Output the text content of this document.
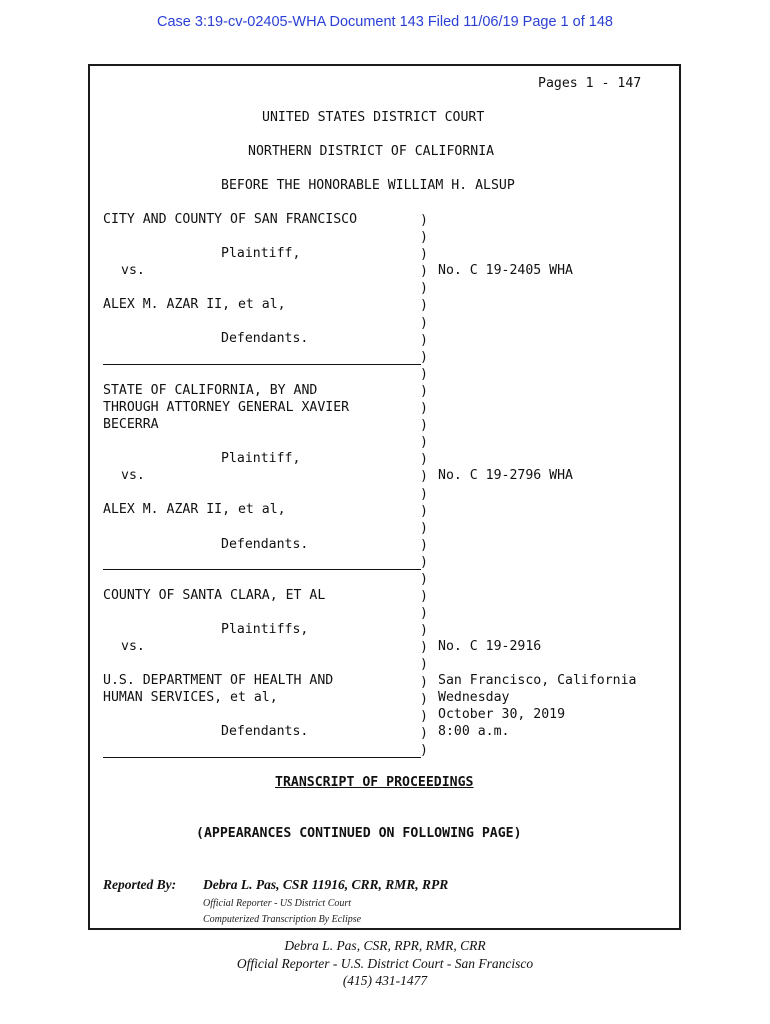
Case 3:19-cv-02405-WHA Document 143 Filed 11/06/19 Page 1 of 148
Pages 1 - 147
UNITED STATES DISTRICT COURT
NORTHERN DISTRICT OF CALIFORNIA
BEFORE THE HONORABLE WILLIAM H. ALSUP
CITY AND COUNTY OF SAN FRANCISCO
Plaintiff,
vs.	No. C 19-2405 WHA
ALEX M. AZAR II, et al,
Defendants.
STATE OF CALIFORNIA, BY AND
THROUGH ATTORNEY GENERAL XAVIER
BECERRA
Plaintiff,
vs.	No. C 19-2796 WHA
ALEX M. AZAR II, et al,
Defendants.
COUNTY OF SANTA CLARA, ET AL
Plaintiffs,
vs.	No. C 19-2916
U.S. DEPARTMENT OF HEALTH AND
HUMAN SERVICES, et al,
Defendants.
San Francisco, California
Wednesday
October 30, 2019
8:00 a.m.
)
)
)
)
)
)
)
)
)
)
)
)
)
)
)
)
)
)
)
)
)
)
)
)
)
)
)
)
)
)
)
)
TRANSCRIPT OF PROCEEDINGS
(APPEARANCES CONTINUED ON FOLLOWING PAGE)
Reported By: Debra L. Pas, CSR 11916, CRR, RMR, RPR
Official Reporter - US District Court
Computerized Transcription By Eclipse
Debra L. Pas, CSR, RPR, RMR, CRR
Official Reporter - U.S. District Court - San Francisco
(415) 431-1477
